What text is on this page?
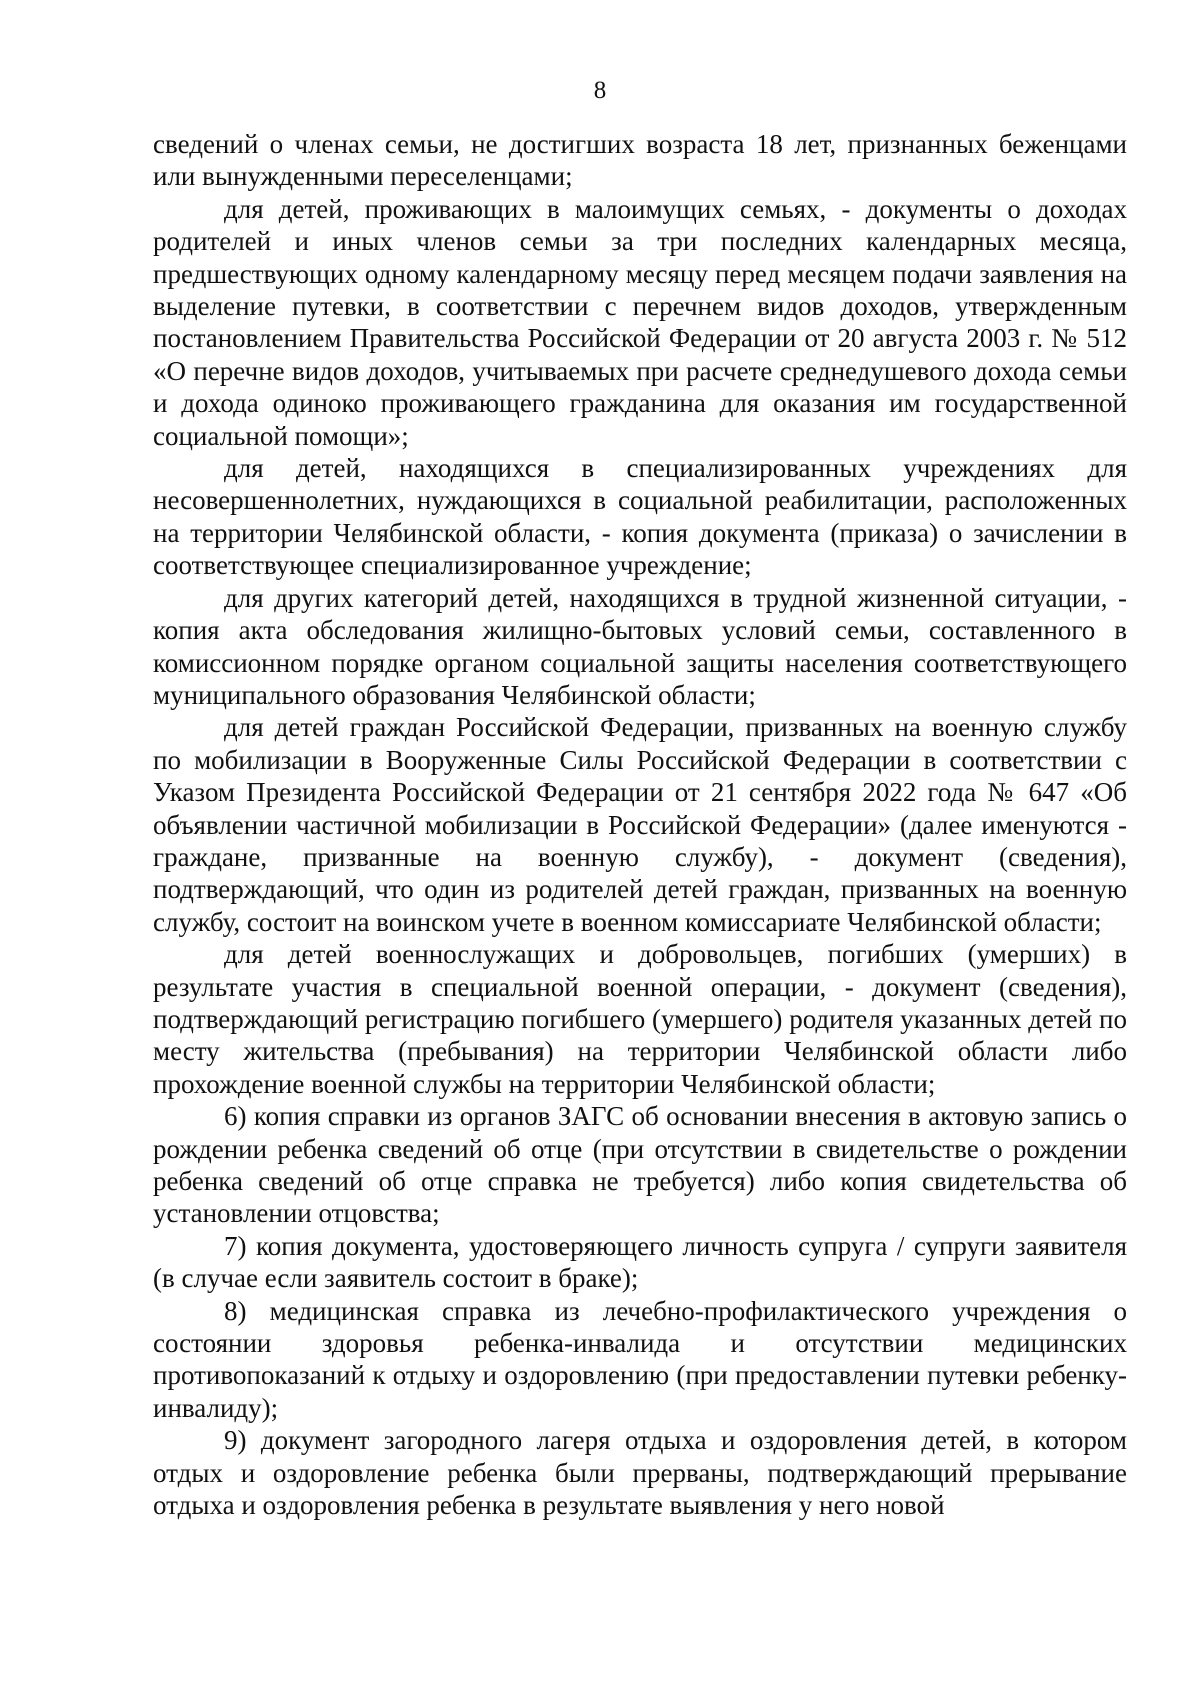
8

сведений о членах семьи, не достигших возраста 18 лет, признанных беженцами или вынужденными переселенцами;

для детей, проживающих в малоимущих семьях, - документы о доходах родителей и иных членов семьи за три последних календарных месяца, предшествующих одному календарному месяцу перед месяцем подачи заявления на выделение путевки, в соответствии с перечнем видов доходов, утвержденным постановлением Правительства Российской Федерации от 20 августа 2003 г. № 512 «О перечне видов доходов, учитываемых при расчете среднедушевого дохода семьи и дохода одиноко проживающего гражданина для оказания им государственной социальной помощи»;

для детей, находящихся в специализированных учреждениях для несовершеннолетних, нуждающихся в социальной реабилитации, расположенных на территории Челябинской области, - копия документа (приказа) о зачислении в соответствующее специализированное учреждение;

для других категорий детей, находящихся в трудной жизненной ситуации, - копия акта обследования жилищно-бытовых условий семьи, составленного в комиссионном порядке органом социальной защиты населения соответствующего муниципального образования Челябинской области;

для детей граждан Российской Федерации, призванных на военную службу по мобилизации в Вооруженные Силы Российской Федерации в соответствии с Указом Президента Российской Федерации от 21 сентября 2022 года № 647 «Об объявлении частичной мобилизации в Российской Федерации» (далее именуются - граждане, призванные на военную службу), - документ (сведения), подтверждающий, что один из родителей детей граждан, призванных на военную службу, состоит на воинском учете в военном комиссариате Челябинской области;

для детей военнослужащих и добровольцев, погибших (умерших) в результате участия в специальной военной операции, - документ (сведения), подтверждающий регистрацию погибшего (умершего) родителя указанных детей по месту жительства (пребывания) на территории Челябинской области либо прохождение военной службы на территории Челябинской области;

6) копия справки из органов ЗАГС об основании внесения в актовую запись о рождении ребенка сведений об отце (при отсутствии в свидетельстве о рождении ребенка сведений об отце справка не требуется) либо копия свидетельства об установлении отцовства;

7) копия документа, удостоверяющего личность супруга / супруги заявителя (в случае если заявитель состоит в браке);

8) медицинская справка из лечебно-профилактического учреждения о состоянии здоровья ребенка-инвалида и отсутствии медицинских противопоказаний к отдыху и оздоровлению (при предоставлении путевки ребенку-инвалиду);

9) документ загородного лагеря отдыха и оздоровления детей, в котором отдых и оздоровление ребенка были прерваны, подтверждающий прерывание отдыха и оздоровления ребенка в результате выявления у него новой
